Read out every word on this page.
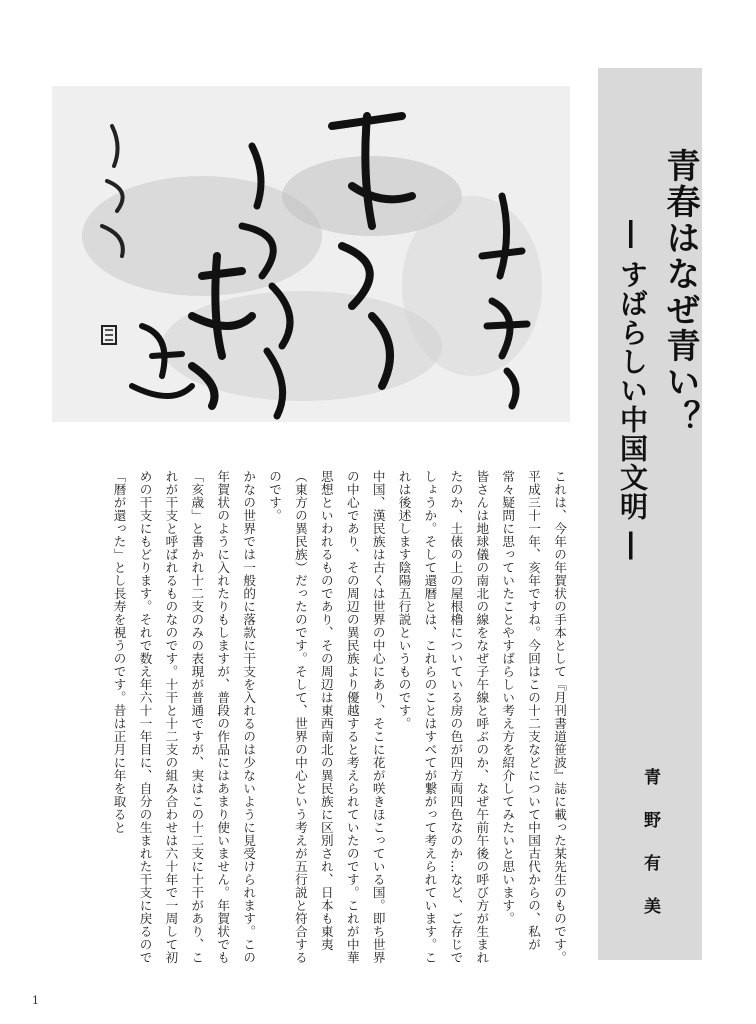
青春はなぜ青い？
― すばらしい中国文明 ―
青野有美

これは、今年の年賀状の手本として『月刊書道笹波』誌に載った某先生のものです。

平成三十一年、亥年ですね。今回はこの十二支などについて中国古代からの、私が常々疑問に思っていたことやすばらしい考え方を紹介してみたいと思います。

皆さんは地球儀の南北の線をなぜ子午線と呼ぶのか、なぜ午前午後の呼び方が生まれたのか、土俵の上の屋根櫓についている房の色が四方両四色なのか…など、ご存じでしょうか。そして還暦とは、これらのことはすべてが繋がって考えられています。これは後述します陰陽五行説というものです。

中国、漢民族は古くは世界の中心にあり、そこに花が咲きほこっている国。即ち世界の中心であり、その周辺の異民族より優越すると考えられていたのです。これが中華思想といわれるものであり、その周辺は東西南北の異民族に区別され、日本も東夷（東方の異民族）だったのです。そして、世界の中心という考えが五行説と符合するのです。

かなの世界では一般的に落款に干支を入れるのは少ないように見受けられます。この年賀状のように入れたりもしますが、普段の作品にはあまり使いません。年賀状でも「亥歳」と書かれ十二支のみの表現が普通ですが、実はこの十二支に十干があり、これが干支と呼ばれるものなのです。十干と十二支の組み合わせは六十年で一周して初めの干支にもどります。それで数え年六十一年目に、自分の生まれた干支に戻るので「暦が還った」とし長寿を視うのです。昔は正月に年を取ると

1
